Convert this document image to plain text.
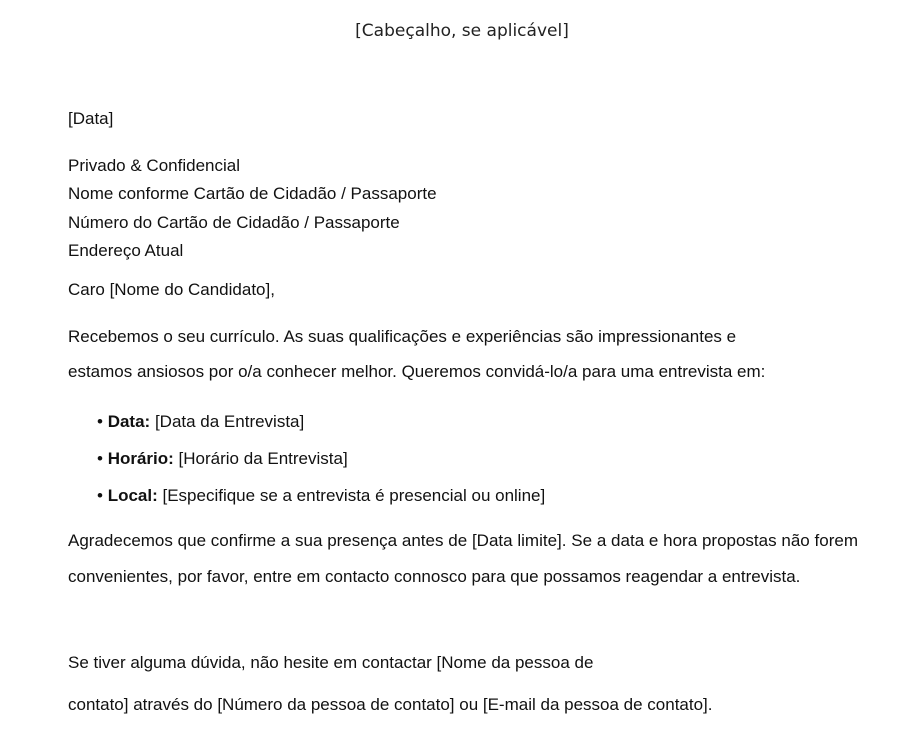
[Cabeçalho, se aplicável]
[Data]
Privado & Confidencial
Nome conforme Cartão de Cidadão / Passaporte
Número do Cartão de Cidadão / Passaporte
Endereço Atual
Caro [Nome do Candidato],
Recebemos o seu currículo. As suas qualificações e experiências são impressionantes e
estamos ansiosos por o/a conhecer melhor. Queremos convidá-lo/a para uma entrevista em:
• Data: [Data da Entrevista]
• Horário: [Horário da Entrevista]
• Local: [Especifique se a entrevista é presencial ou online]
Agradecemos que confirme a sua presença antes de [Data limite]. Se a data e hora propostas não forem convenientes, por favor, entre em contacto connosco para que possamos reagendar a entrevista.
Se tiver alguma dúvida, não hesite em contactar [Nome da pessoa de
contato] através do [Número da pessoa de contato] ou [E-mail da pessoa de contato].
